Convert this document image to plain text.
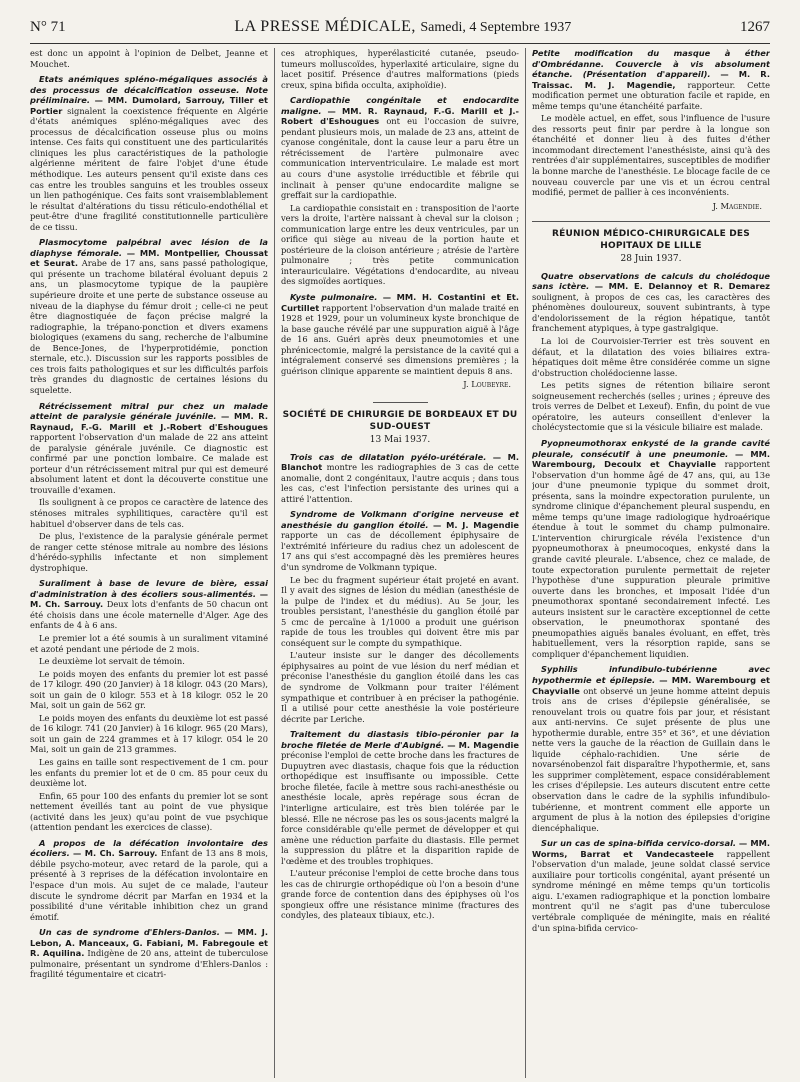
N° 71	LA PRESSE MÉDICALE, Samedi, 4 Septembre 1937	1267

est donc un appoint à l'opinion de Delbet, Jeanne et Mouchet.

Etats anémiques spléno-mégaliques associés à des processus de décalcification osseuse. Note préliminaire. — MM. Dumolard, Sarrouy, Tiller et Portier signalent la coexistence fréquente en Algérie d'états anémiques spléno-mégaliques avec des processus de décalcification osseuse plus ou moins intense. Ces faits qui constituent une des particularités cliniques les plus caractéristiques de la pathologie algérienne méritent de faire l'objet d'une étude méthodique. Les auteurs pensent qu'il existe dans ces cas entre les troubles sanguins et les troubles osseux un lien pathogénique. Ces faits sont vraisemblablement le résultat d'altérations du tissu réticulo-endothélial et peut-être d'une fragilité constitutionnelle particulière de ce tissu.

Plasmocytome palpébral avec lésion de la diaphyse fémorale. — MM. Montpellier, Choussat et Seurat. Arabe de 17 ans, sans passé pathologique, qui présente un trachome bilatéral évoluant depuis 2 ans, un plasmocytome typique de la paupière supérieure droite et une perte de substance osseuse au niveau de la diaphyse du fémur droit ; celle-ci ne peut être diagnostiquée de façon précise malgré la radiographie, la trépano-ponction et divers examens biologiques (examens du sang, recherche de l'albumine de Bence-Jones, de l'hyperprotidémie, ponction sternale, etc.). Discussion sur les rapports possibles de ces trois faits pathologiques et sur les difficultés parfois très grandes du diagnostic de certaines lésions du squelette.

Rétrécissement mitral pur chez un malade atteint de paralysie générale juvénile. — MM. R. Raynaud, F.-G. Marill et J.-Robert d'Eshougues rapportent l'observation d'un malade de 22 ans atteint de paralysie générale juvénile. Ce diagnostic est confirmé par une ponction lombaire. Ce malade est porteur d'un rétrécissement mitral pur qui est demeuré absolument latent et dont la découverte constitue une trouvaille d'examen.

Ils soulignent à ce propos ce caractère de latence des sténoses mitrales syphilitiques, caractère qu'il est habituel d'observer dans de tels cas.

De plus, l'existence de la paralysie générale permet de ranger cette sténose mitrale au nombre des lésions d'hérédo-syphilis infectante et non simplement dystrophique.

Suraliment à base de levure de bière, essai d'administration à des écoliers sous-alimentés. — M. Ch. Sarrouy. Deux lots d'enfants de 50 chacun ont été choisis dans une école maternelle d'Alger. Age des enfants de 4 à 6 ans.

Le premier lot a été soumis à un suraliment vitaminé et azoté pendant une période de 2 mois.

Le deuxième lot servait de témoin.

Le poids moyen des enfants du premier lot est passé de 17 kilogr. 490 (20 Janvier) à 18 kilogr. 043 (20 Mars), soit un gain de 0 kilogr. 553 et à 18 kilogr. 052 le 20 Mai, soit un gain de 562 gr.

Le poids moyen des enfants du deuxième lot est passé de 16 kilogr. 741 (20 Janvier) à 16 kilogr. 965 (20 Mars), soit un gain de 224 grammes et à 17 kilogr. 054 le 20 Mai, soit un gain de 213 grammes.

Les gains en taille sont respectivement de 1 cm. pour les enfants du premier lot et de 0 cm. 85 pour ceux du deuxième lot.

Enfin, 65 pour 100 des enfants du premier lot se sont nettement éveillés tant au point de vue physique (activité dans les jeux) qu'au point de vue psychique (attention pendant les exercices de classe).

A propos de la défécation involontaire des écoliers. — M. Ch. Sarrouy. Enfant de 13 ans 8 mois, débile psycho-moteur, avec retard de la parole, qui a présenté à 3 reprises de la défécation involontaire en l'espace d'un mois. Au sujet de ce malade, l'auteur discute le syndrome décrit par Marfan en 1934 et la possibilité d'une véritable inhibition chez un grand émotif.

Un cas de syndrome d'Ehlers-Danlos. — MM. J. Lebon, A. Manceaux, G. Fabiani, M. Fabregoule et R. Aquilina. Indigène de 20 ans, atteint de tuberculose pulmonaire, présentant un syndrome d'Ehlers-Danlos : fragilité tégumentaire et cicatri-

ces atrophiques, hyperélasticité cutanée, pseudo-tumeurs molluscoïdes, hyperlaxité articulaire, signe du lacet positif. Présence d'autres malformations (pieds creux, spina bifida occulta, axiphoïdie).

Cardiopathie congénitale et endocardite maligne. — MM. R. Raynaud, F.-G. Marill et J.-Robert d'Eshougues ont eu l'occasion de suivre, pendant plusieurs mois, un malade de 23 ans, atteint de cyanose congénitale, dont la cause leur a paru être un rétrécissement de l'artère pulmonaire avec communication interventriculaire. Le malade est mort au cours d'une asystolie irréductible et fébrile qui inclinait à penser qu'une endocardite maligne se greffait sur la cardiopathie.

La cardiopathie consistait en : transposition de l'aorte vers la droite, l'artère naissant à cheval sur la cloison ; communication large entre les deux ventricules, par un orifice qui siège au niveau de la portion haute et postérieure de la cloison antérieure ; atrésie de l'artère pulmonaire ; très petite communication interauriculaire. Végétations d'endocardite, au niveau des sigmoïdes aortiques.

Kyste pulmonaire. — MM. H. Costantini et Et. Curtillet rapportent l'observation d'un malade traité en 1928 et 1929, pour un volumineux kyste bronchique de la base gauche révélé par une suppuration aiguë à l'âge de 16 ans. Guéri après deux pneumotomies et une phrénicectomie, malgré la persistance de la cavité qui a intégralement conservé ses dimensions premières ; la guérison clinique apparente se maintient depuis 8 ans.

J. Loubeyre.

SOCIÉTÉ DE CHIRURGIE DE BORDEAUX ET DU SUD-OUEST
13 Mai 1937.

Trois cas de dilatation pyélo-urétérale. — M. Blanchot montre les radiographies de 3 cas de cette anomalie, dont 2 congénitaux, l'autre acquis ; dans tous les cas, c'est l'infection persistante des urines qui a attiré l'attention.

Syndrome de Volkmann d'origine nerveuse et anesthésie du ganglion étoilé. — M. J. Magendie rapporte un cas de décollement épiphysaire de l'extrémité inférieure du radius chez un adolescent de 17 ans qui s'est accompagné dès les premières heures d'un syndrome de Volkmann typique.

Le bec du fragment supérieur était projeté en avant. Il y avait des signes de lésion du médian (anesthésie de la pulpe de l'index et du médius). Au 5e jour, les troubles persistant, l'anesthésie du ganglion étoilé par 5 cmc de percaïne à 1/1000 a produit une guérison rapide de tous les troubles qui doivent être mis par conséquent sur le compte du sympathique.

L'auteur insiste sur le danger des décollements épiphysaires au point de vue lésion du nerf médian et préconise l'anesthésie du ganglion étoilé dans les cas de syndrome de Volkmann pour traiter l'élément sympathique et contribuer à en préciser la pathogénie. Il a utilisé pour cette anesthésie la voie postérieure décrite par Leriche.

Traitement du diastasis tibio-péronier par la broche filetée de Merle d'Aubigné. — M. Magendie préconise l'emploi de cette broche dans les fractures de Dupuytren avec diastasis, chaque fois que la réduction orthopédique est insuffisante ou impossible. Cette broche filetée, facile à mettre sous rachi-anesthésie ou anesthésie locale, après repérage sous écran de l'interligne articulaire, est très bien tolérée par le blessé. Elle ne nécrose pas les os sous-jacents malgré la force considérable qu'elle permet de développer et qui amène une réduction parfaite du diastasis. Elle permet la suppression du plâtre et la disparition rapide de l'œdème et des troubles trophiques.

L'auteur préconise l'emploi de cette broche dans tous les cas de chirurgie orthopédique où l'on a besoin d'une grande force de contention dans des épiphyses où l'os spongieux offre une résistance minime (fractures des condyles, des plateaux tibiaux, etc.).

Petite modification du masque à éther d'Ombrédanne. Couvercle à vis absolument étanche. (Présentation d'appareil). — M. R. Traissac. M. J. Magendie, rapporteur. Cette modification permet une obturation facile et rapide, en même temps qu'une étanchéité parfaite.

Le modèle actuel, en effet, sous l'influence de l'usure des ressorts peut finir par perdre à la longue son étanchéité et donner lieu à des fuites d'éther incommodant directement l'anesthésiste, ainsi qu'à des rentrées d'air supplémentaires, susceptibles de modifier la bonne marche de l'anesthésie. Le blocage facile de ce nouveau couvercle par une vis et un écrou central modifié, permet de pallier à ces inconvénients.

J. Magendie.

RÉUNION MÉDICO-CHIRURGICALE DES HOPITAUX DE LILLE
28 Juin 1937.

Quatre observations de calculs du cholédoque sans ictère. — MM. E. Delannoy et R. Demarez soulignent, à propos de ces cas, les caractères des phénomènes douloureux, souvent subintrants, à type d'endolorissement de la région hépatique, tantôt franchement atypiques, à type gastralgique.

La loi de Courvoisier-Terrier est très souvent en défaut, et la dilatation des voies biliaires extra-hépatiques doit même être considérée comme un signe d'obstruction cholédocienne lasse.

Les petits signes de rétention biliaire seront soigneusement recherchés (selles ; urines ; épreuve des trois verres de Delbet et Lexeuf). Enfin, du point de vue opératoire, les auteurs conseillent d'enlever la cholécystectomie que si la vésicule biliaire est malade.

Pyopneumothorax enkysté de la grande cavité pleurale, consécutif à une pneumonie. — MM. Warembourg, Decoulx et Chayvialle rapportent l'observation d'un homme âgé de 47 ans, qui, au 13e jour d'une pneumonie typique du sommet droit, présenta, sans la moindre expectoration purulente, un syndrome clinique d'épanchement pleural suspendu, en même temps qu'une image radiologique hydroaérique étendue à tout le sommet du champ pulmonaire. L'intervention chirurgicale révéla l'existence d'un pyopneumothorax à pneumocoques, enkysté dans la grande cavité pleurale. L'absence, chez ce malade, de toute expectoration purulente permettait de rejeter l'hypothèse d'une suppuration pleurale primitive ouverte dans les bronches, et imposait l'idée d'un pneumothorax spontané secondairement infecté. Les auteurs insistent sur le caractère exceptionnel de cette observation, le pneumothorax spontané des pneumopathies aiguës banales évoluant, en effet, très habituellement, vers la résorption rapide, sans se compliquer d'épanchement liquidien.

Syphilis infundibulo-tubérienne avec hypothermie et épilepsie. — MM. Warembourg et Chayvialle ont observé un jeune homme atteint depuis trois ans de crises d'épilepsie généralisée, se renouvelant trois ou quatre fois par jour, et résistant aux anti-nervins. Ce sujet présente de plus une hypothermie durable, entre 35° et 36°, et une déviation nette vers la gauche de la réaction de Guillain dans le liquide céphalo-rachidien. Une série de novarsénobenzol fait disparaître l'hypothermie, et, sans les supprimer complètement, espace considérablement les crises d'épilepsie. Les auteurs discutent entre cette observation dans le cadre de la syphilis infundibulo-tubérienne, et montrent comment elle apporte un argument de plus à la notion des épilepsies d'origine diencéphalique.

Sur un cas de spina-bifida cervico-dorsal. — MM. Worms, Barrat et Vandecasteele rappellent l'observation d'un malade, jeune soldat classé service auxiliaire pour torticolis congénital, ayant présenté un syndrome méningé en même temps qu'un torticolis aigu. L'examen radiographique et la ponction lombaire montrent qu'il ne s'agit pas d'une tuberculose vertébrale compliquée de méningite, mais en réalité d'un spina-bifida cervico-
